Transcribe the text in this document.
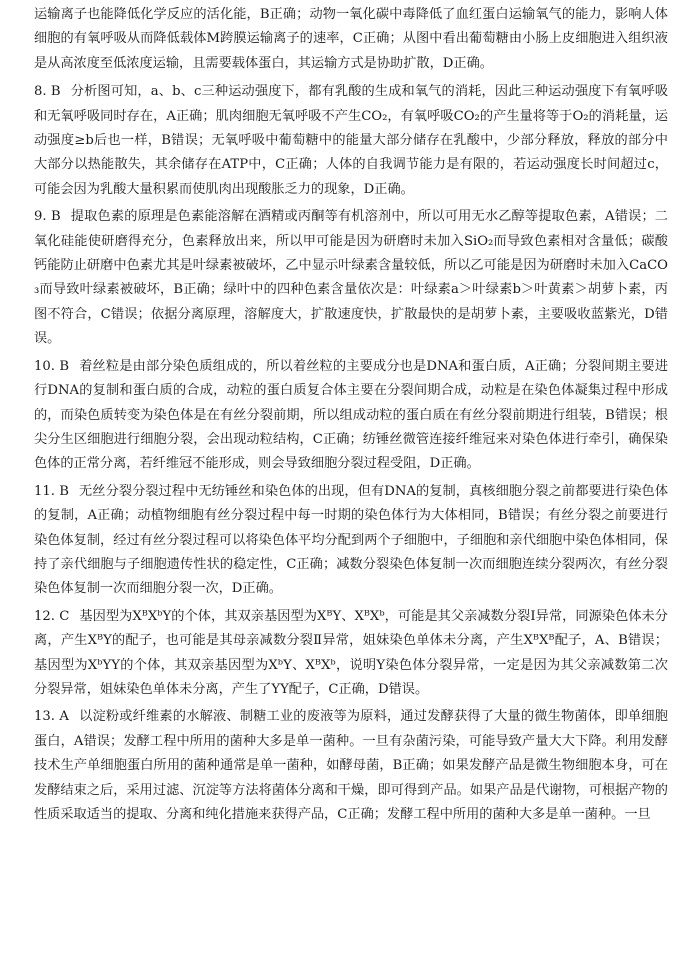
运输离子也能降低化学反应的活化能，B正确；动物一氧化碳中毒降低了血红蛋白运输氧气的能力，影响人体细胞的有氧呼吸从而降低载体M跨膜运输离子的速率，C正确；从图中看出葡萄糖由小肠上皮细胞进入组织液是从高浓度至低浓度运输，且需要载体蛋白，其运输方式是协助扩散，D正确。

8. B 分析图可知，a、b、c三种运动强度下，都有乳酸的生成和氧气的消耗，因此三种运动强度下有氧呼吸和无氧呼吸同时存在，A正确；肌肉细胞无氧呼吸不产生CO₂，有氧呼吸CO₂的产生量将等于O₂的消耗量，运动强度≥b后也一样，B错误；无氧呼吸中葡萄糖中的能量大部分储存在乳酸中，少部分释放，释放的部分中大部分以热能散失，其余储存在ATP中，C正确；人体的自我调节能力是有限的，若运动强度长时间超过c，可能会因为乳酸大量积累而使肌肉出现酸胀乏力的现象，D正确。

9. B 提取色素的原理是色素能溶解在酒精或丙酮等有机溶剂中，所以可用无水乙醇等提取色素，A错误；二氧化硅能使研磨得充分，色素释放出来，所以甲可能是因为研磨时未加入SiO₂而导致色素相对含量低；碳酸钙能防止研磨中色素尤其是叶绿素被破坏，乙中显示叶绿素含量较低，所以乙可能是因为研磨时未加入CaCO₃而导致叶绿素被破坏，B正确；绿叶中的四种色素含量依次是：叶绿素a＞叶绿素b＞叶黄素＞胡萝卜素，丙图不符合，C错误；依据分离原理，溶解度大，扩散速度快，扩散最快的是胡萝卜素，主要吸收蓝紫光，D错误。

10. B 着丝粒是由部分染色质组成的，所以着丝粒的主要成分也是DNA和蛋白质，A正确；分裂间期主要进行DNA的复制和蛋白质的合成，动粒的蛋白质复合体主要在分裂间期合成，动粒是在染色体凝集过程中形成的，而染色质转变为染色体是在有丝分裂前期，所以组成动粒的蛋白质在有丝分裂前期进行组装，B错误；根尖分生区细胞进行细胞分裂，会出现动粒结构，C正确；纺锤丝微管连接纤维冠来对染色体进行牵引，确保染色体的正常分离，若纤维冠不能形成，则会导致细胞分裂过程受阻，D正确。

11. B 无丝分裂分裂过程中无纺锤丝和染色体的出现，但有DNA的复制，真核细胞分裂之前都要进行染色体的复制，A正确；动植物细胞有丝分裂过程中每一时期的染色体行为大体相同，B错误；有丝分裂之前要进行染色体复制，经过有丝分裂过程可以将染色体平均分配到两个子细胞中，子细胞和亲代细胞中染色体相同，保持了亲代细胞与子细胞遗传性状的稳定性，C正确；减数分裂染色体复制一次而细胞连续分裂两次，有丝分裂染色体复制一次而细胞分裂一次，D正确。

12. C 基因型为XᴮXᵇY的个体，其双亲基因型为XᴮY、XᴮXᵇ，可能是其父亲减数分裂Ⅰ异常，同源染色体未分离，产生XᴮY的配子，也可能是其母亲减数分裂Ⅱ异常，姐妹染色单体未分离，产生XᴮXᴮ配子，A、B错误；基因型为XᵇYY的个体，其双亲基因型为XᵇY、XᴮXᵇ，说明Y染色体分裂异常，一定是因为其父亲减数第二次分裂异常，姐妹染色单体未分离，产生了YY配子，C正确，D错误。

13. A 以淀粉或纤维素的水解液、制糖工业的废液等为原料，通过发酵获得了大量的微生物菌体，即单细胞蛋白，A错误；发酵工程中所用的菌种大多是单一菌种。一旦有杂菌污染，可能导致产量大大下降。利用发酵技术生产单细胞蛋白所用的菌种通常是单一菌种，如酵母菌，B正确；如果发酵产品是微生物细胞本身，可在发酵结束之后，采用过滤、沉淀等方法将菌体分离和干燥，即可得到产品。如果产品是代谢物，可根据产物的性质采取适当的提取、分离和纯化措施来获得产品，C正确；发酵工程中所用的菌种大多是单一菌种。一旦
